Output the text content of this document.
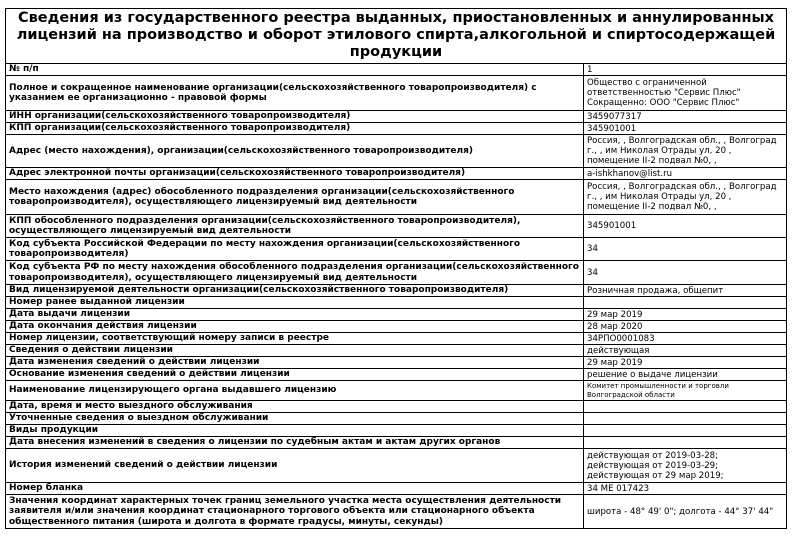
Сведения из государственного реестра выданных, приостановленных и аннулированных лицензий на производство и оборот этилового спирта,алкогольной и спиртосодержащей продукции
№ п/п	1
Полное и сокращенное наименование организации(сельскохозяйственного товаропроизводителя) с указанием ее организационно - правовой формы	Общество с ограниченной ответственностью "Сервис Плюс" Сокращенно: ООО "Сервис Плюс"
ИНН организации(сельскохозяйственного товаропроизводителя)	3459077317
КПП организации(сельскохозяйственного товаропроизводителя)	345901001
Адрес (место нахождения), организации(сельскохозяйственного товаропроизводителя)	Россия, , Волгоградская обл., , Волгоград г., , им Николая Отрады ул, 20 , помещение II-2 подвал №0, ,
Адрес электронной почты организации(сельскохозяйственного товаропроизводителя)	a-ishkhanov@list.ru
Место нахождения (адрес) обособленного подразделения организации(сельскохозяйственного товаропроизводителя), осуществляющего лицензируемый вид деятельности	Россия, , Волгоградская обл., , Волгоград г., , им Николая Отрады ул, 20 , помещение II-2 подвал №0, ,
КПП обособленного подразделения организации(сельскохозяйственного товаропроизводителя), осуществляющего лицензируемый вид деятельности	345901001
Код субъекта Российской Федерации по месту нахождения организации(сельскохозяйственного товаропроизводителя)	34
Код субъекта РФ по месту нахождения обособленного подразделения организации(сельскохозяйственного товаропроизводителя), осуществляющего лицензируемый вид деятельности	34
Вид лицензируемой деятельности организации(сельскохозяйственного товаропроизводителя)	Розничная продажа, общепит
Номер ранее выданной лицензии	
Дата выдачи лицензии	29 мар 2019
Дата окончания действия лицензии	28 мар 2020
Номер лицензии, соответствующий номеру записи в реестре	34РПО0001083
Сведения о действии лицензии	действующая
Дата изменения сведений о действии лицензии	29 мар 2019
Основание изменения сведений о действии лицензии	решение о выдаче лицензии
Наименование лицензирующего органа выдавшего лицензию	Комитет промышленности и торговли Волгоградской области
Дата, время и место выездного обслуживания	
Уточненные сведения о выездном обслуживании	
Виды продукции	
Дата внесения изменений в сведения о лицензии по судебным актам и актам других органов	
История изменений сведений о действии лицензии	действующая от 2019-03-28; действующая от 2019-03-29; действующая от 29 мар 2019;
Номер бланка	34 МЕ 017423
Значения координат характерных точек границ земельного участка места осуществления деятельности заявителя и/или значения координат стационарного торгового объекта или стационарного объекта общественного питания (широта и долгота в формате градусы, минуты, секунды)	широта - 48° 49' 0"; долгота - 44° 37' 44"
